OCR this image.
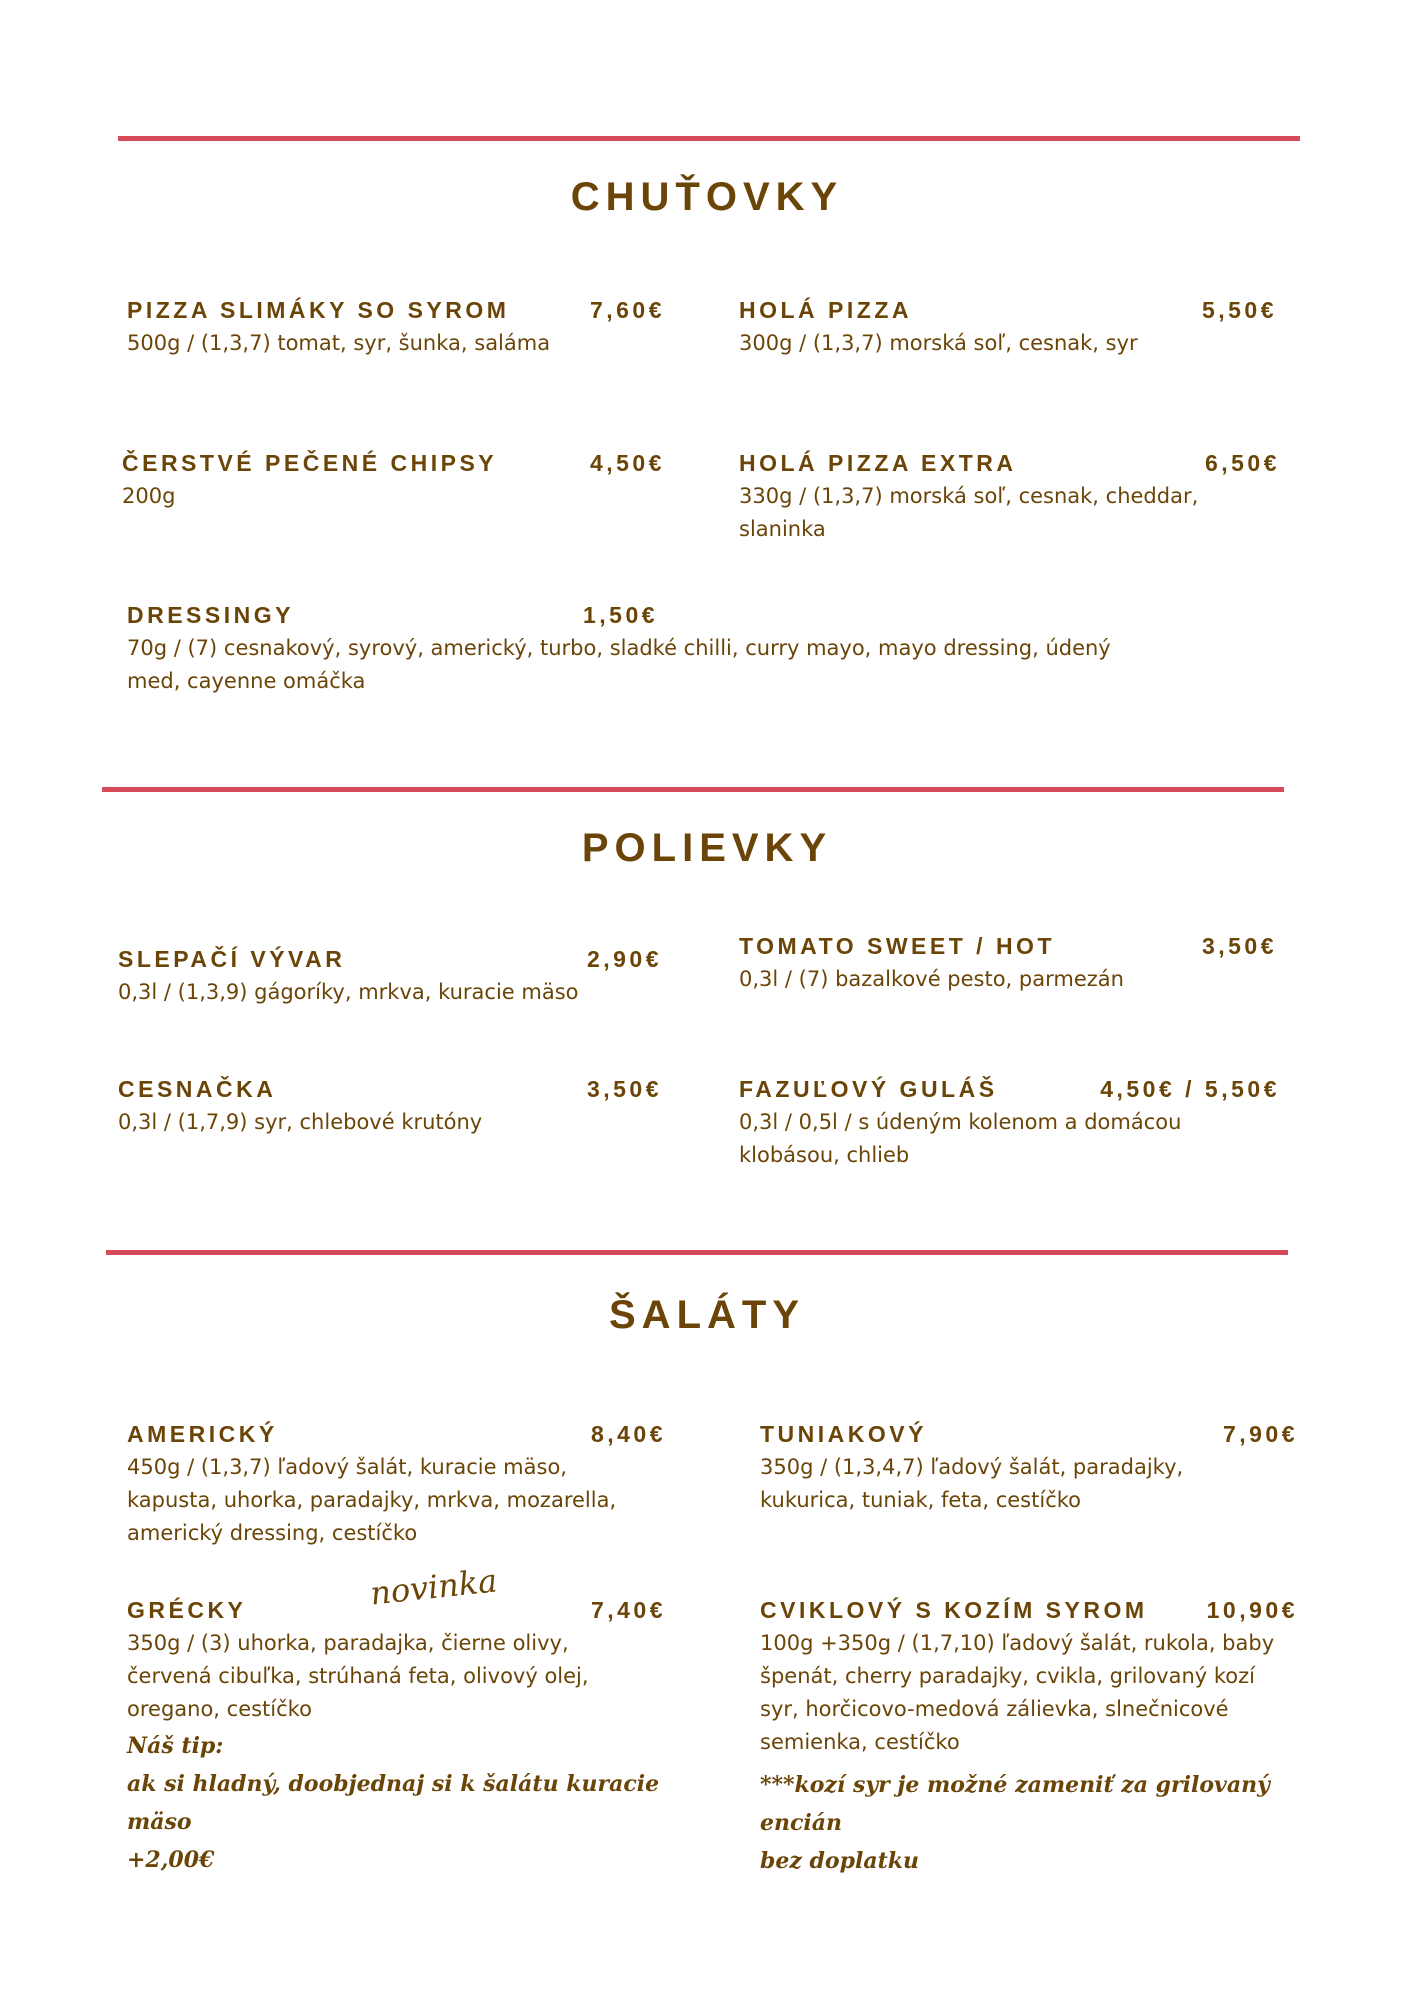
CHUŤOVKY
PIZZA SLIMÁKY SO SYROM	7,60€
500g / (1,3,7) tomat, syr, šunka, saláma
HOLÁ PIZZA	5,50€
300g / (1,3,7) morská soľ, cesnak, syr
ČERSTVÉ PEČENÉ CHIPSY	4,50€
200g
HOLÁ PIZZA EXTRA	6,50€
330g / (1,3,7) morská soľ, cesnak, cheddar, slaninka
DRESSINGY	1,50€
70g / (7) cesnakový, syrový, americký, turbo, sladké chilli, curry mayo, mayo dressing, údený med, cayenne omáčka
POLIEVKY
SLEPAČÍ VÝVAR	2,90€
0,3l / (1,3,9) gágoríky, mrkva, kuracie mäso
TOMATO SWEET / HOT	3,50€
0,3l / (7) bazalkové pesto, parmezán
CESNAČKA	3,50€
0,3l / (1,7,9) syr, chlebové krutóny
FAZUĽOVÝ GULÁŠ	4,50€ / 5,50€
0,3l / 0,5l / s údeným kolenom a domácou klobásou, chlieb
ŠALÁTY
AMERICKÝ	8,40€
450g / (1,3,7) ľadový šalát, kuracie mäso, kapusta, uhorka, paradajky, mrkva, mozarella, americký dressing, cestíčko
TUNIAKOVÝ	7,90€
350g / (1,3,4,7) ľadový šalát, paradajky, kukurica, tuniak, feta, cestíčko
novinka
GRÉCKY	7,40€
350g / (3) uhorka, paradajka, čierne olivy, červená cibuľka, strúhaná feta, olivový olej, oregano, cestíčko
CVIKLOVÝ S KOZÍM SYROM	10,90€
100g +350g / (1,7,10) ľadový šalát, rukola, baby špenát, cherry paradajky, cvikla, grilovaný kozí syr, horčicovo-medová zálievka, slnečnicové semienka, cestíčko
Náš tip:
ak si hladný, doobjednaj si k šalátu kuracie mäso
+2,00€
***kozí syr je možné zameniť za grilovaný encián
bez doplatku
